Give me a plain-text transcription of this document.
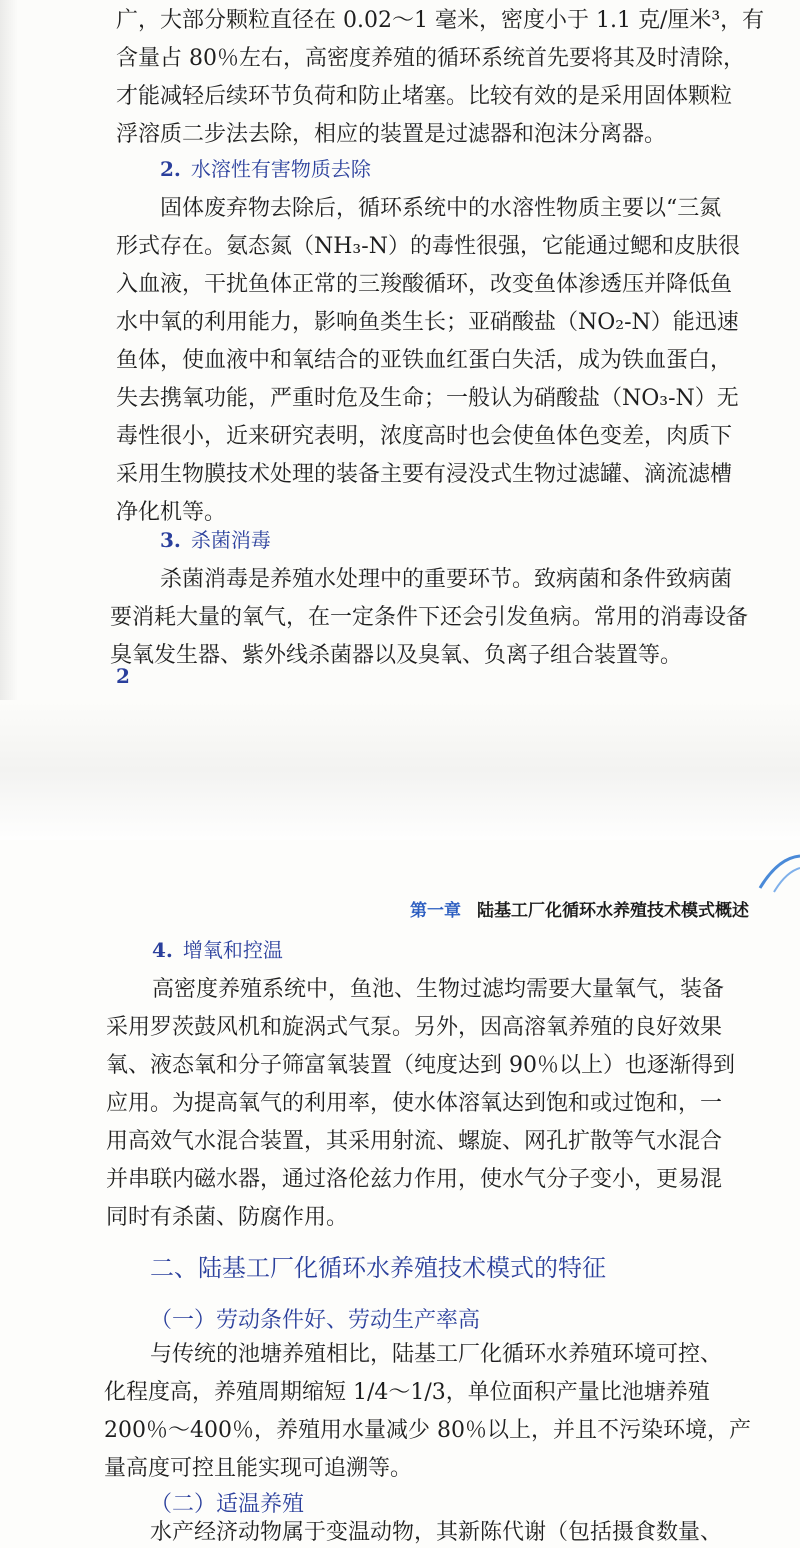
广，大部分颗粒直径在 0.02～1 毫米，密度小于 1.1 克/厘米³，有
含量占 80％左右，高密度养殖的循环系统首先要将其及时清除，
才能减轻后续环节负荷和防止堵塞。比较有效的是采用固体颗粒
浮溶质二步法去除，相应的装置是过滤器和泡沫分离器。
2. 水溶性有害物质去除
固体废弃物去除后，循环系统中的水溶性物质主要以“三氮
形式存在。氨态氮（NH₃-N）的毒性很强，它能通过鳃和皮肤很
入血液，干扰鱼体正常的三羧酸循环，改变鱼体渗透压并降低鱼
水中氧的利用能力，影响鱼类生长；亚硝酸盐（NO₂-N）能迅速
鱼体，使血液中和氧结合的亚铁血红蛋白失活，成为铁血蛋白，
失去携氧功能，严重时危及生命；一般认为硝酸盐（NO₃-N）无
毒性很小，近来研究表明，浓度高时也会使鱼体色变差，肉质下
采用生物膜技术处理的装备主要有浸没式生物过滤罐、滴流滤槽
净化机等。
3. 杀菌消毒
杀菌消毒是养殖水处理中的重要环节。致病菌和条件致病菌
要消耗大量的氧气，在一定条件下还会引发鱼病。常用的消毒设备
臭氧发生器、紫外线杀菌器以及臭氧、负离子组合装置等。
2
第一章 陆基工厂化循环水养殖技术模式概述
4. 增氧和控温
高密度养殖系统中，鱼池、生物过滤均需要大量氧气，装备
采用罗茨鼓风机和旋涡式气泵。另外，因高溶氧养殖的良好效果
氧、液态氧和分子筛富氧装置（纯度达到 90％以上）也逐渐得到
应用。为提高氧气的利用率，使水体溶氧达到饱和或过饱和，一
用高效气水混合装置，其采用射流、螺旋、网孔扩散等气水混合
并串联内磁水器，通过洛伦兹力作用，使水气分子变小，更易混
同时有杀菌、防腐作用。
二、陆基工厂化循环水养殖技术模式的特征
（一）劳动条件好、劳动生产率高
与传统的池塘养殖相比，陆基工厂化循环水养殖环境可控、
化程度高，养殖周期缩短 1/4～1/3，单位面积产量比池塘养殖
200％～400％，养殖用水量减少 80％以上，并且不污染环境，产
量高度可控且能实现可追溯等。
（二）适温养殖
水产经济动物属于变温动物，其新陈代谢（包括摄食数量、
